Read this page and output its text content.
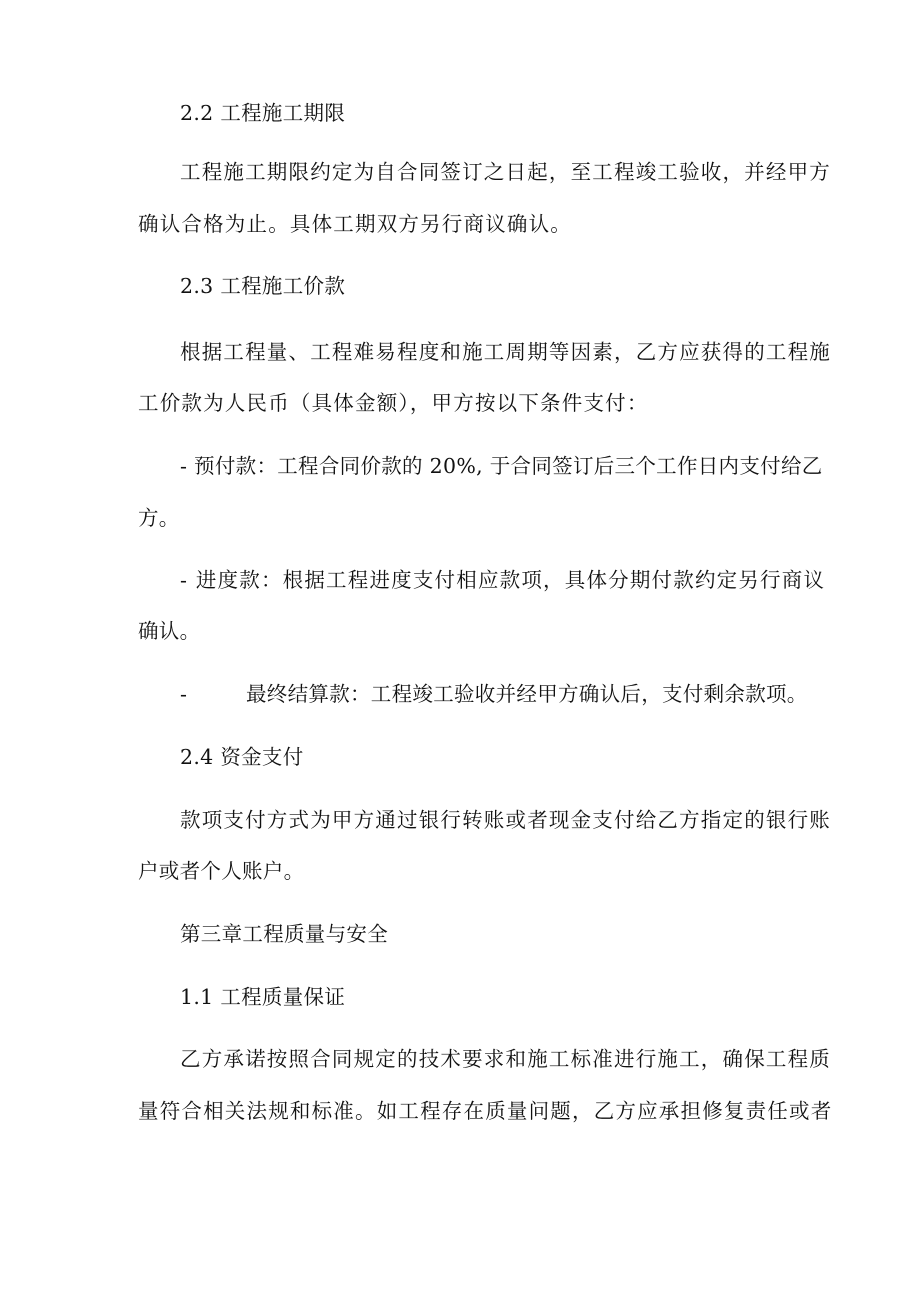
2.2 工程施工期限
工程施工期限约定为自合同签订之日起，至工程竣工验收，并经甲方
确认合格为止。具体工期双方另行商议确认。
2.3 工程施工价款
根据工程量、工程难易程度和施工周期等因素，乙方应获得的工程施
工价款为人民币（具体金额），甲方按以下条件支付：
- 预付款：工程合同价款的 20%, 于合同签订后三个工作日内支付给乙
方。
- 进度款：根据工程进度支付相应款项，具体分期付款约定另行商议
确认。
-	最终结算款：工程竣工验收并经甲方确认后，支付剩余款项。
2.4 资金支付
款项支付方式为甲方通过银行转账或者现金支付给乙方指定的银行账
户或者个人账户。
第三章工程质量与安全
1.1 工程质量保证
乙方承诺按照合同规定的技术要求和施工标准进行施工，确保工程质
量符合相关法规和标准。如工程存在质量问题，乙方应承担修复责任或者
